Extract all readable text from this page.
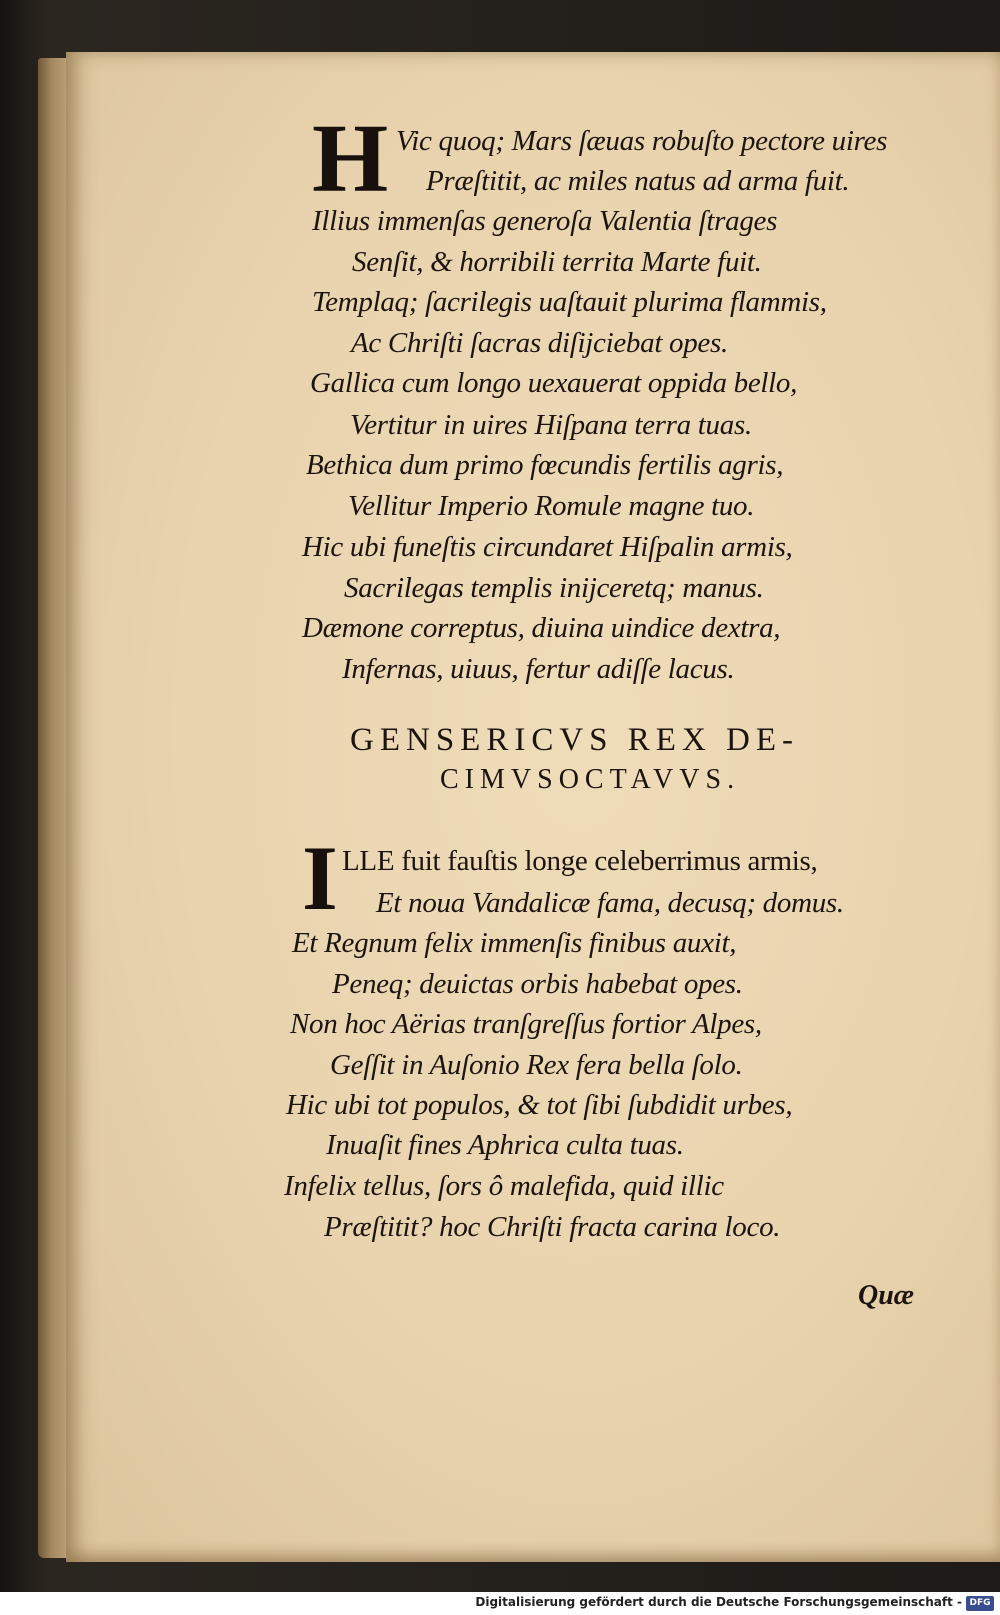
H Vic quoq; Mars ſæuas robuſto pectore uires
Præſtitit, ac miles natus ad arma fuit.
Illius immenſas generoſa Valentia ſtrages
Senſit, & horribili territa Marte fuit.
Templaq; ſacrilegis uaſtauit plurima flammis,
Ac Chriſti ſacras diſijciebat opes.
Gallica cum longo uexauerat oppida bello,
Vertitur in uires Hiſpana terra tuas.
Bethica dum primo fœcundis fertilis agris,
Vellitur Imperio Romule magne tuo.
Hic ubi funeſtis circundaret Hiſpalin armis,
Sacrilegas templis inijceretq; manus.
Dæmone correptus, diuina uindice dextra,
Infernas, uiuus, fertur adiſſe lacus.
GENSERICVS REX DE-
CIMVSOCTAVVS.
I LLE fuit fauſtis longe celeberrimus armis,
Et noua Vandalicæ fama, decusq; domus.
Et Regnum felix immenſis finibus auxit,
Peneq; deuictas orbis habebat opes.
Non hoc Aërias tranſgreſſus fortior Alpes,
Geſſit in Auſonio Rex fera bella ſolo.
Hic ubi tot populos, & tot ſibi ſubdidit urbes,
Inuaſit fines Aphrica culta tuas.
Infelix tellus, ſors ô malefida, quid illic
Præſtitit? hoc Chriſti fracta carina loco.
Quæ
Digitalisierung gefördert durch die Deutsche Forschungsgemeinschaft - DFG
